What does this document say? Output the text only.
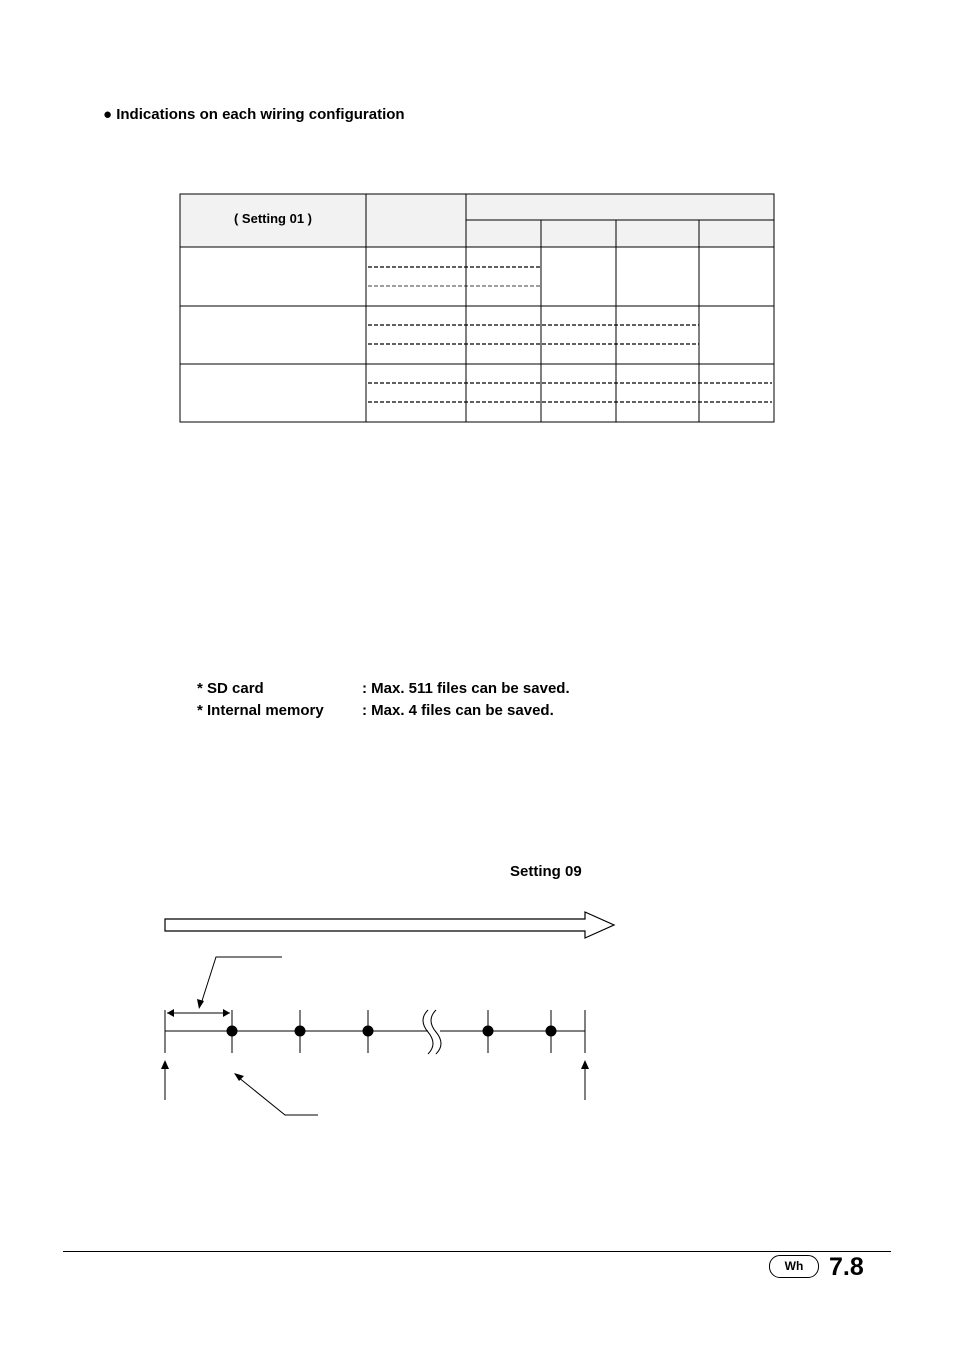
● Indications on each wiring configuration
( Setting 01 )
* SD card	: Max. 511 files can be saved.
* Internal memory	: Max. 4 files can be saved.
Setting 09
Wh	7.8
